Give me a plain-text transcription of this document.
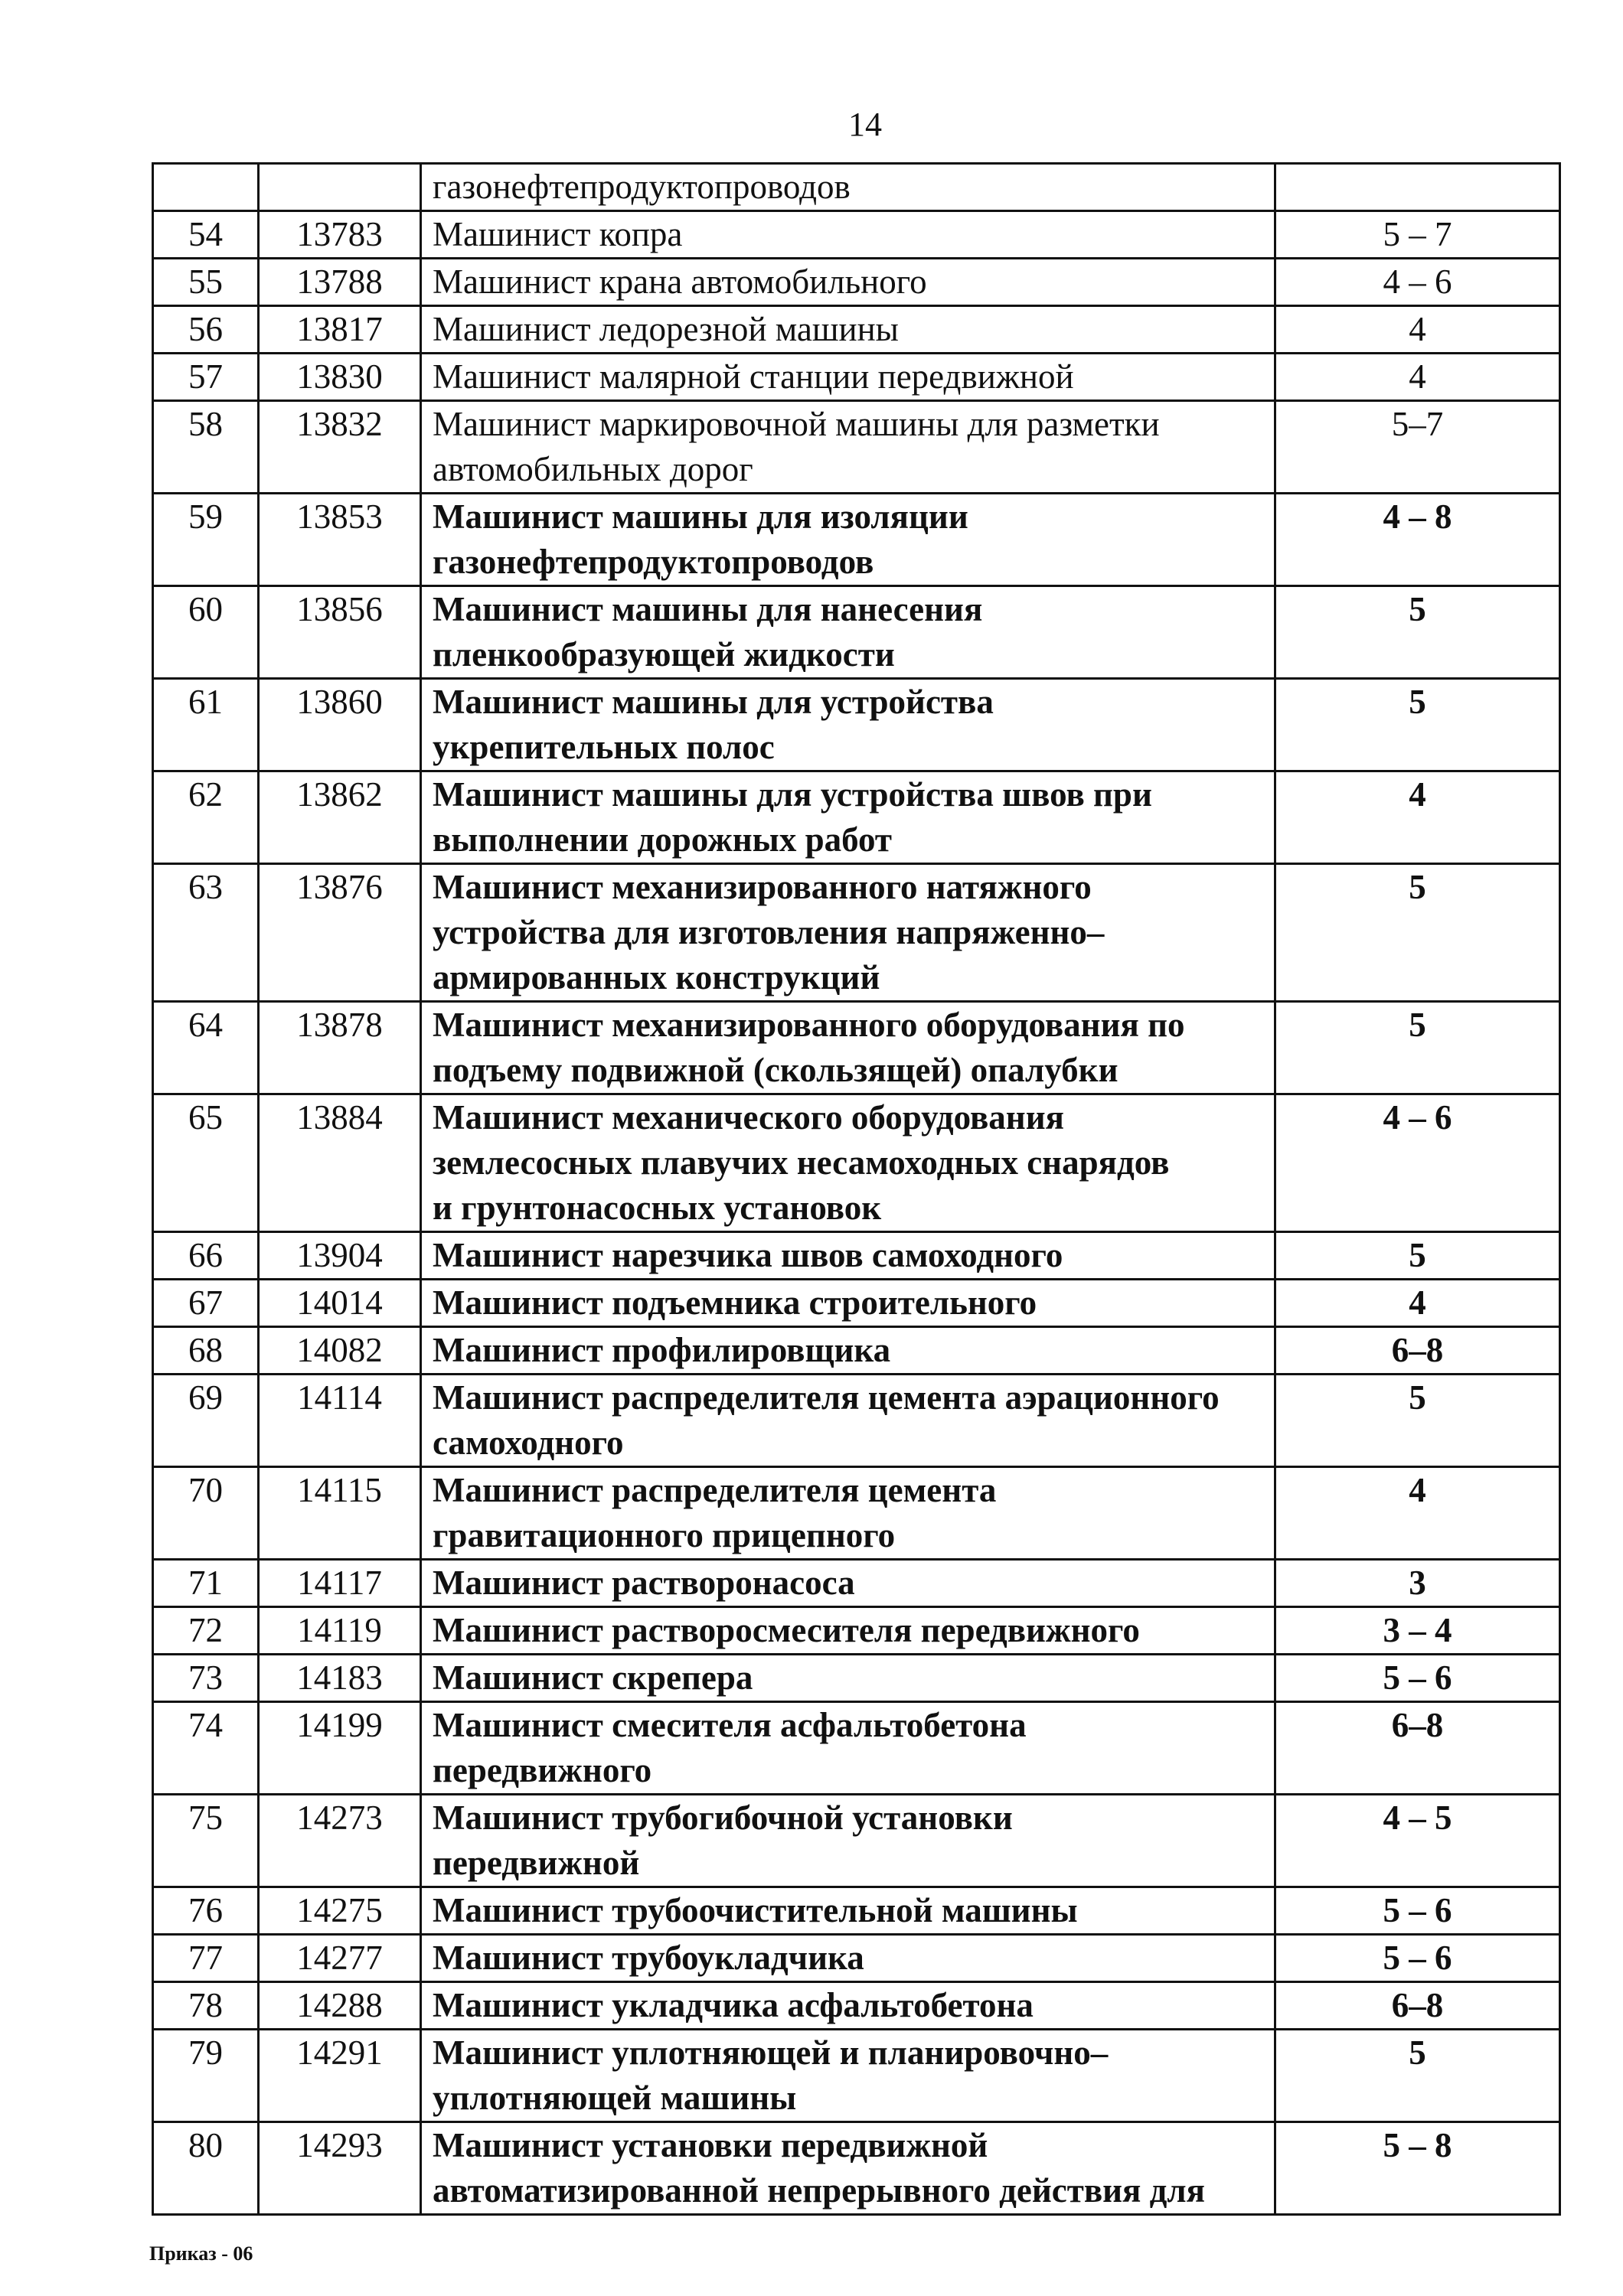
14

		газонефтепродуктопроводов	

54	13783	Машинист копра	5 – 7
55	13788	Машинист крана автомобильного	4 – 6
56	13817	Машинист ледорезной машины	4
57	13830	Машинист малярной станции передвижной	4
58	13832	Машинист маркировочной машины для разметки
автомобильных дорог	5–7
59	13853	Машинист машины для изоляции
газонефтепродуктопроводов	4 – 8
60	13856	Машинист машины для нанесения
пленкообразующей жидкости	5
61	13860	Машинист машины для устройства
укрепительных полос	5
62	13862	Машинист машины для устройства швов при
выполнении дорожных работ	4
63	13876	Машинист механизированного натяжного
устройства для изготовления напряженно–
армированных конструкций	5
64	13878	Машинист механизированного оборудования по
подъему подвижной (скользящей) опалубки	5
65	13884	Машинист механического оборудования
землесосных плавучих несамоходных снарядов
и грунтонасосных установок	4 – 6
66	13904	Машинист нарезчика швов самоходного	5
67	14014	Машинист подъемника строительного	4
68	14082	Машинист профилировщика	6–8
69	14114	Машинист распределителя цемента аэрационного
самоходного	5
70	14115	Машинист распределителя цемента
гравитационного прицепного	4
71	14117	Машинист растворонасоса	3
72	14119	Машинист растворосмесителя передвижного	3 – 4
73	14183	Машинист скрепера	5 – 6
74	14199	Машинист смесителя асфальтобетона
передвижного	6–8
75	14273	Машинист трубогибочной установки
передвижной	4 – 5
76	14275	Машинист трубоочистительной машины	5 – 6
77	14277	Машинист трубоукладчика	5 – 6
78	14288	Машинист укладчика асфальтобетона	6–8
79	14291	Машинист уплотняющей и планировочно–
уплотняющей машины	5
80	14293	Машинист установки передвижной
автоматизированной непрерывного действия для	5 – 8
Приказ - 06
